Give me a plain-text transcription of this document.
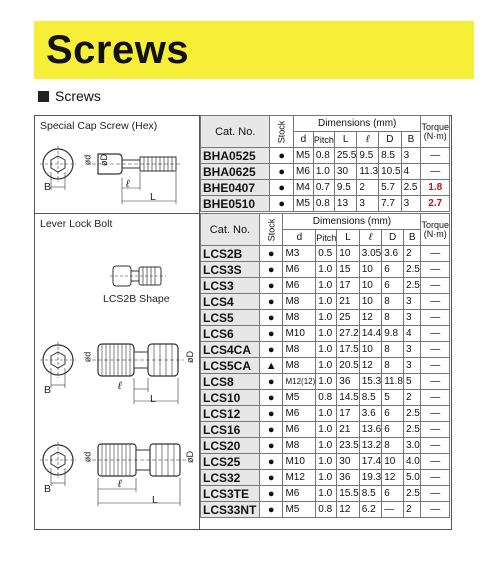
Screws
Screws
Special Cap Screw (Hex)
B
ød øD
ℓ
L
Lever Lock Bolt
LCS2B Shape
B
ød	øD
ℓ
L
B
ød	øD
ℓ
L
Cat. No.	Stock	Dimensions (mm)						Torque (N·m)
		d	Pitch	L	ℓ	D	B	
BHA0525	●	M5	0.8	25.5	9.5	8.5	3	—
BHA0625	●	M6	1.0	30	11.3	10.5	4	—
BHE0407	●	M4	0.7	9.5	2	5.7	2.5	1.8
BHE0510	●	M5	0.8	13	3	7.7	3	2.7
Cat. No.	Stock	Dimensions (mm)						Torque (N·m)
		d	Pitch	L	ℓ	D	B	
LCS2B	●	M3	0.5	10	3.05	3.6	2	—
LCS3S	●	M6	1.0	15	10	6	2.5	—
LCS3	●	M6	1.0	17	10	6	2.5	—
LCS4	●	M8	1.0	21	10	8	3	—
LCS5	●	M8	1.0	25	12	8	3	—
LCS6	●	M10	1.0	27.2	14.4	9.8	4	—
LCS4CA	●	M8	1.0	17.5	10	8	3	—
LCS5CA	▲	M8	1.0	20.5	12	8	3	—
LCS8	●	M12(12)	1.0	36	15.3	11.8	5	—
LCS10	●	M5	0.8	14.5	8.5	5	2	—
LCS12	●	M6	1.0	17	3.6	6	2.5	—
LCS16	●	M6	1.0	21	13.6	6	2.5	—
LCS20	●	M8	1.0	23.5	13.2	8	3.0	—
LCS25	●	M10	1.0	30	17.4	10	4.0	—
LCS32	●	M12	1.0	36	19.3	12	5.0	—
LCS3TE	●	M6	1.0	15.5	8.5	6	2.5	—
LCS33NT	●	M5	0.8	12	6.2	—	2	—
